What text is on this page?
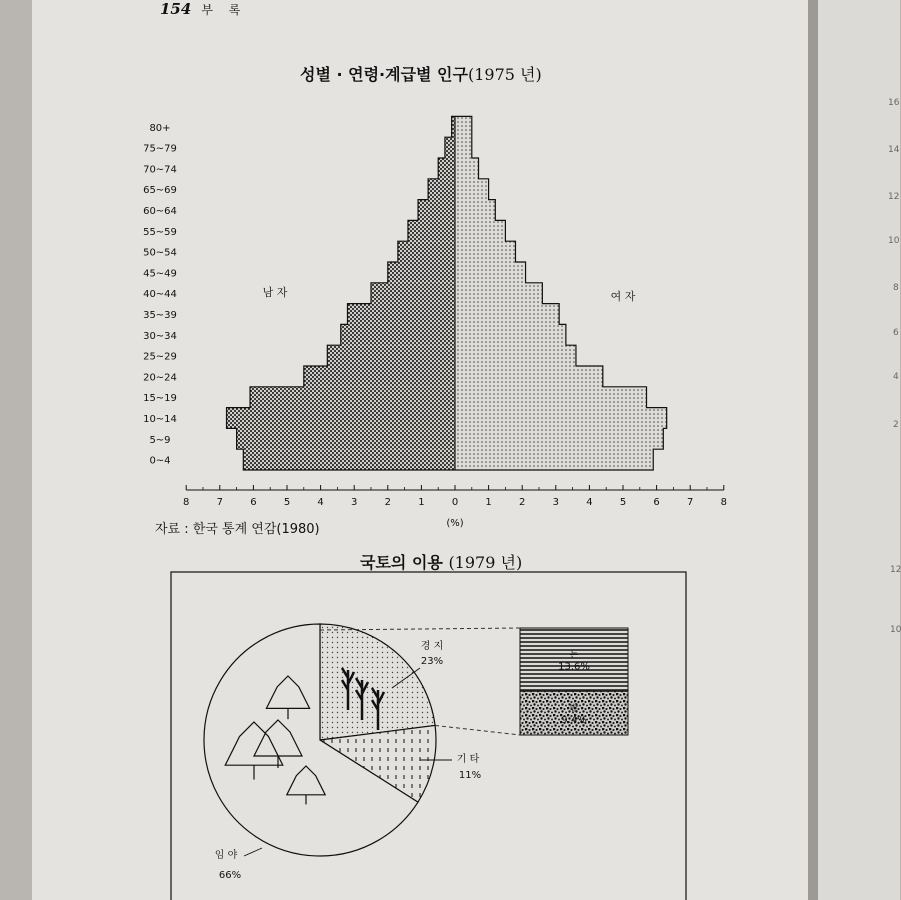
16
14
12
10
8
6
4
2
12
10
154 부 록
성별 · 연령·계급별 인구(1975 년)
자료 : 한국 통계 연감(1980)
국토의 이용 (1979 년)
0~4
5~9
10~14
15~19
20~24
25~29
30~34
35~39
40~44
45~49
50~54
55~59
60~64
65~69
70~74
75~79
80+
8	7	6	5	4	3	2	1	0	1	2	3	4	5	6	7	8
(%)
남 자	여 자
논
13.6%
밭
9.4%
경 지
23%
기 타
11%
임 야
66%
